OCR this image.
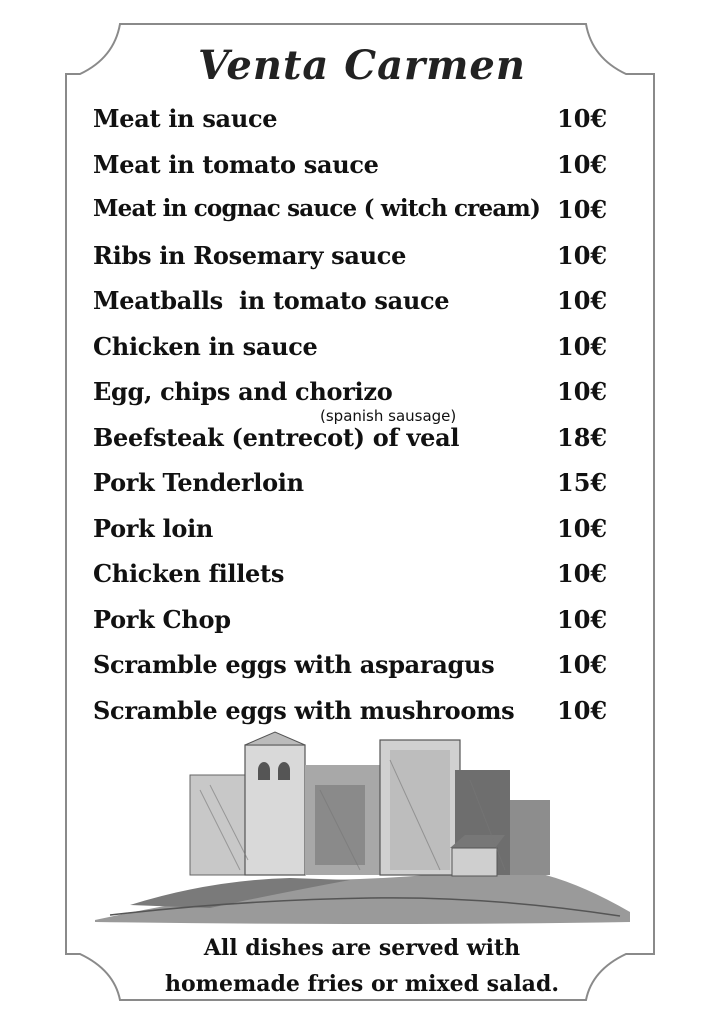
Venta Carmen
Meat in sauce	10€
Meat in tomato sauce	10€
Meat in cognac sauce ( witch cream) 10€
Ribs in Rosemary sauce	10€
Meatballs  in tomato sauce	10€
Chicken in sauce	10€
Egg, chips and chorizo	10€
Beefsteak (entrecot) of veal	18€
Pork Tenderloin	15€
Pork loin	10€
Chicken fillets	10€
Pork Chop	10€
Scramble eggs with asparagus	10€
Scramble eggs with mushrooms 10€
(spanish sausage)
All dishes are served with
homemade fries or mixed salad.
